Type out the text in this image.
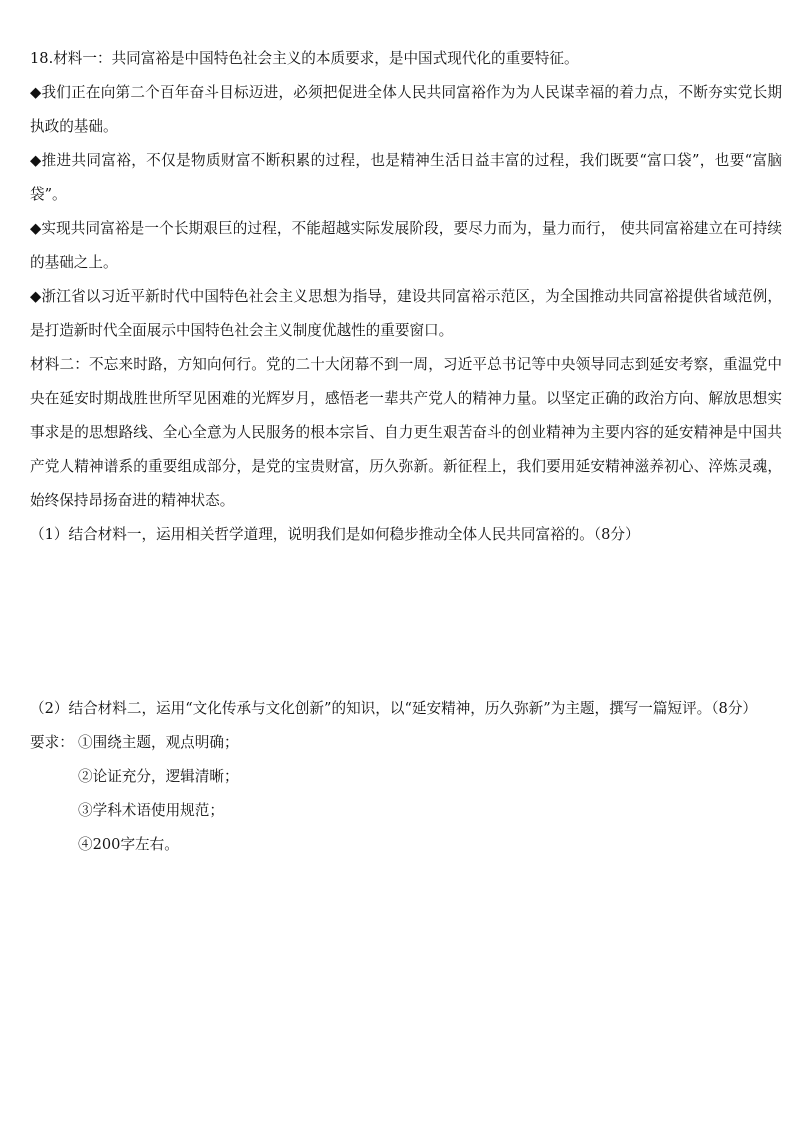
18.材料一：共同富裕是中国特色社会主义的本质要求，是中国式现代化的重要特征。

◆我们正在向第二个百年奋斗目标迈进，必须把促进全体人民共同富裕作为为人民谋幸福的着力点，不断夯实党长期执政的基础。

◆推进共同富裕，不仅是物质财富不断积累的过程，也是精神生活日益丰富的过程，我们既要“富口袋”，也要“富脑袋”。

◆实现共同富裕是一个长期艰巨的过程，不能超越实际发展阶段，要尽力而为，量力而行， 使共同富裕建立在可持续的基础之上。

◆浙江省以习近平新时代中国特色社会主义思想为指导，建设共同富裕示范区，为全国推动共同富裕提供省域范例，是打造新时代全面展示中国特色社会主义制度优越性的重要窗口。

材料二：不忘来时路，方知向何行。党的二十大闭幕不到一周，习近平总书记等中央领导同志到延安考察，重温党中央在延安时期战胜世所罕见困难的光辉岁月，感悟老一辈共产党人的精神力量。以坚定正确的政治方向、解放思想实事求是的思想路线、全心全意为人民服务的根本宗旨、自力更生艰苦奋斗的创业精神为主要内容的延安精神是中国共产党人精神谱系的重要组成部分，是党的宝贵财富，历久弥新。新征程上，我们要用延安精神滋养初心、淬炼灵魂，始终保持昂扬奋进的精神状态。

（1）结合材料一，运用相关哲学道理，说明我们是如何稳步推动全体人民共同富裕的。（8分）

（2）结合材料二，运用“文化传承与文化创新”的知识，以“延安精神，历久弥新”为主题，撰写一篇短评。（8分）

要求： ①围绕主题，观点明确；

②论证充分，逻辑清晰；

③学科术语使用规范；

④200字左右。
